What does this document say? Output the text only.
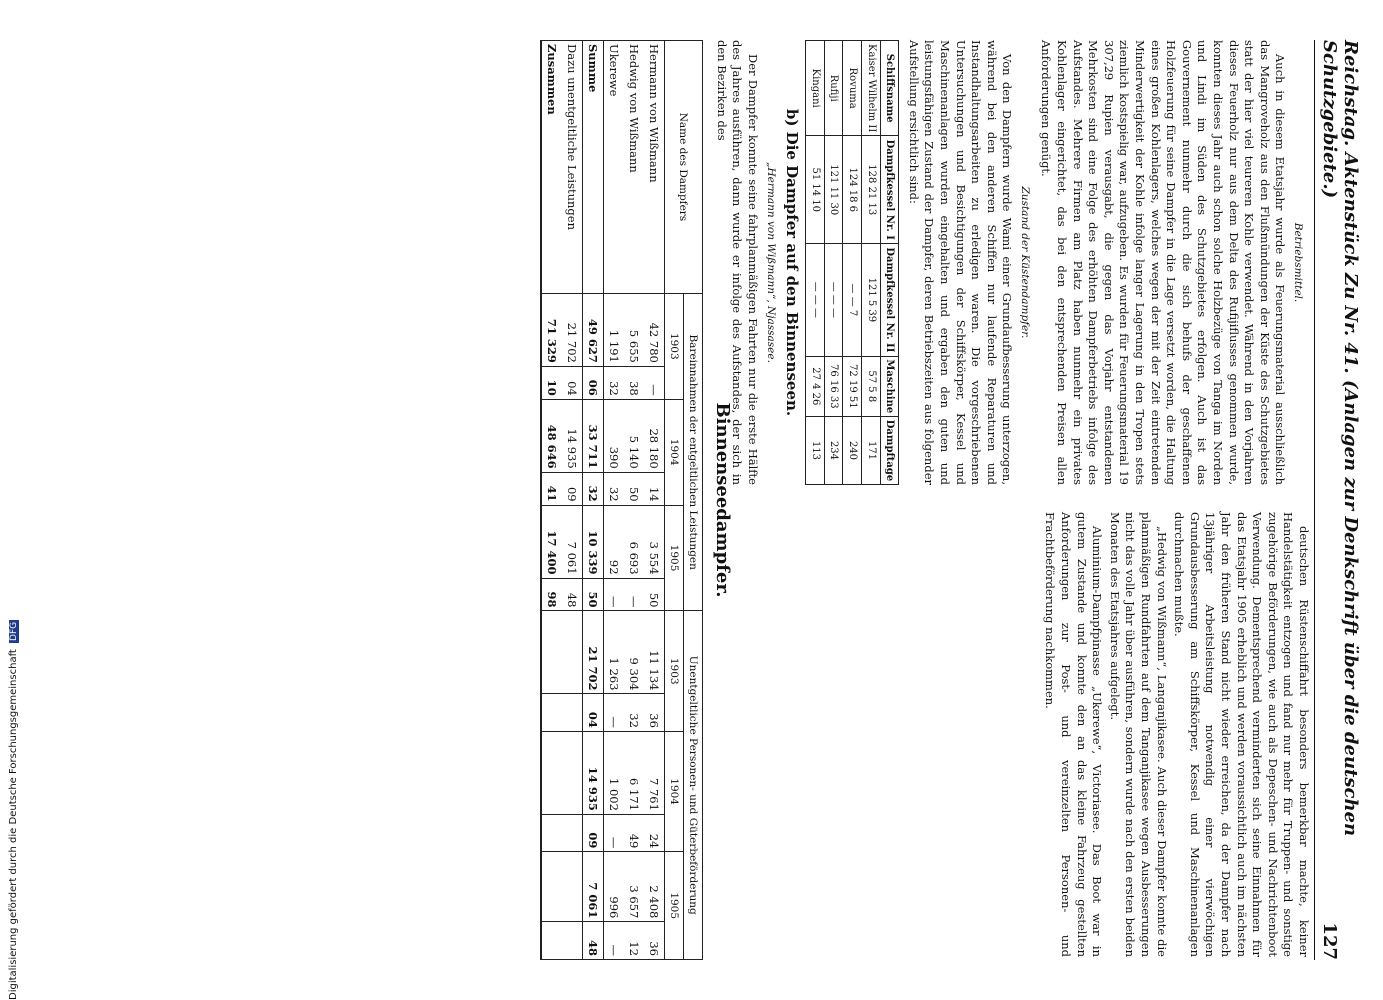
Reichstag. Aktenstück Zu Nr. 41. (Anlagen zur Denkschrift über die deutschen Schutzgebiete.)
127
Betriebsmittel.

Auch in diesem Etatsjahr wurde als Feuerungsmaterial ausschließlich das Mangroveholz aus den Flußmündungen der Küste des Schutzgebietes statt der hier viel teureren Kohle verwendet. Während in den Vorjahren dieses Feuerholz nur aus dem Delta des Rufijiflusses genommen wurde, konnten dieses Jahr auch schon solche Holzbezüge von Tanga im Norden und Lindi im Süden des Schutzgebietes erfolgen. Auch ist das Gouvernement nunmehr durch die sich behufs der geschaffenen Holzfeuerung für seine Dampfer in die Lage versetzt worden, die Haltung eines großen Kohlenlagers, welches wegen der mit der Zeit eintretenden Minderwertigkeit der Kohle infolge langer Lagerung in den Tropen stets ziemlich kostspielig war, aufzugeben. Es wurden für Feuerungsmaterial 19 307,29 Rupien verausgabt, die gegen das Vorjahr entstandenen Mehrkosten sind eine Folge des erhöhten Dampferbetriebs infolge des Aufstandes. Mehrere Firmen am Platz haben nunmehr ein privates Kohlenlager eingerichtet, das bei den entsprechenden Preisen allen Anforderungen genügt.

Zustand der Küstendampfer.

Von den Dampfern wurde Wami einer Grundaufbesserung unterzogen, während bei den anderen Schiffen nur laufende Reparaturen und Instandhaltungsarbeiten zu erledigen waren. Die vorgeschriebenen Untersuchungen und Besichtigungen der Schiffskörper, Kessel und Maschinenanlagen wurden eingehalten und ergaben den guten und leistungsfähigen Zustand der Dampfer, deren Betriebszeiten aus folgender Aufstellung ersichtlich sind:

Schiffsname	Dampfkessel Nr. I	Dampfkessel Nr. II	Maschine	Dampftage
Kaiser Wilhelm II	128 21 13	121 5 39	57 5 8	171
Rovuma	124 18 6	— — 7	72 19 51	240
Rufiji	121 11 30	— — —	76 16 33	234
Kingani	51 14 10	— — —	27 4 26	113
b) Die Dampfer auf den Binnenseen.
„Hermann von Wißmann“, Njassasee.

Der Dampfer konnte seine fahrplanmäßigen Fahrten nur die erste Hälfte des Jahres ausführen, dann wurde er infolge des Aufstandes, der sich in den Bezirken des

deutschen Rüstenschiffahrt besonders bemerkbar machte, keiner Handelstätigkeit entzogen und fand nur mehr für Truppen- und sonstige zugehörige Beförderungen, wie auch als Depeschen- und Nachrichtenboot Verwendung. Dementsprechend verminderten sich seine Einnahmen für das Etatsjahr 1905 erheblich und werden voraussichtlich auch im nächsten Jahr den früheren Stand nicht wieder erreichen, da der Dampfer nach 13jähriger Arbeitsleistung notwendig einer vierwöchigen Grundausbesserung am Schiffskörper, Kessel und Maschinenanlagen durchmachen mußte.

„Hedwig von Wißmann“, Langanjikasee. Auch dieser Dampfer konnte die planmäßigen Rundfahrten auf dem Tanganjikasee wegen Ausbesserungen nicht das volle Jahr über ausführen, sondern wurde nach den ersten beiden Monaten des Etatsjahres aufgelegt.

Aluminium-Dampfpinasse „Ukerewe“, Victoriasee. Das Boot war in gutem Zustande und konnte den an das kleine Fahrzeug gestellten Anforderungen zur Post- und vereinzelten Personen- und Frachtbeförderung nachkommen.

Binnenseedampfer.
Name des Dampfers	Bareinnahmen der entgeltlichen Leistungen						Unentgeltliche Personen- und Güterbeförderung					
	1903		1904		1905		1903		1904		1905	
Hermann von Wißmann	42 780	—	28 180	14	3 554	50	11 134	36	7 761	24	2 408	36
Hedwig von Wißmann	5 655	38	5 140	50	6 693	—	9 304	32	6 171	49	3 657	12
Ukerewe	1 191	32	390	32	92	—	1 263	—	1 002	—	996	—
Summe	49 627	06	33 711	32	10 339	50	21 702	04	14 935	09	7 061	48
Dazu unentgeltliche Leistungen	21 702	04	14 935	09	7 061	48						
Zusammen	71 329	10	48 646	41	17 400	98						
Digitalisierung gefördert durch die Deutsche Forschungsgemeinschaft DFG
